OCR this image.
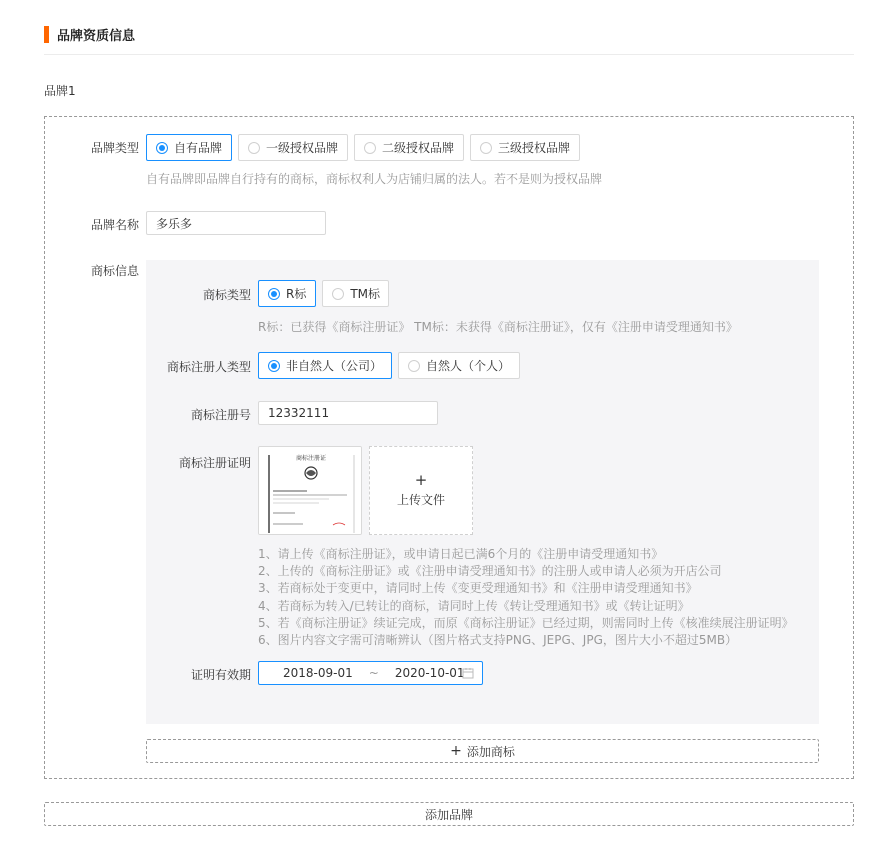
品牌资质信息
品牌1
品牌类型	自有品牌	一级授权品牌	二级授权品牌	三级授权品牌
自有品牌即品牌自行持有的商标，商标权利人为店铺归属的法人。若不是则为授权品牌
品牌名称	多乐多
商标信息
商标类型	R标	TM标
R标：已获得《商标注册证》 TM标：未获得《商标注册证》，仅有《注册申请受理通知书》
商标注册人类型	非自然人（公司）	自然人（个人）
商标注册号	12332111
商标注册证明	商标注册证
+
上传文件
1、请上传《商标注册证》，或申请日起已满6个月的《注册申请受理通知书》
2、上传的《商标注册证》或《注册申请受理通知书》的注册人或申请人必须为开店公司
3、若商标处于变更中，请同时上传《变更受理通知书》和《注册申请受理通知书》
4、若商标为转入/已转让的商标，请同时上传《转让受理通知书》或《转让证明》
5、若《商标注册证》续证完成，而原《商标注册证》已经过期，则需同时上传《核准续展注册证明》
6、图片内容文字需可清晰辨认（图片格式支持PNG、JEPG、JPG，图片大小不超过5MB）
证明有效期	2018-09-01 ~ 2020-10-01
+ 添加商标
添加品牌
